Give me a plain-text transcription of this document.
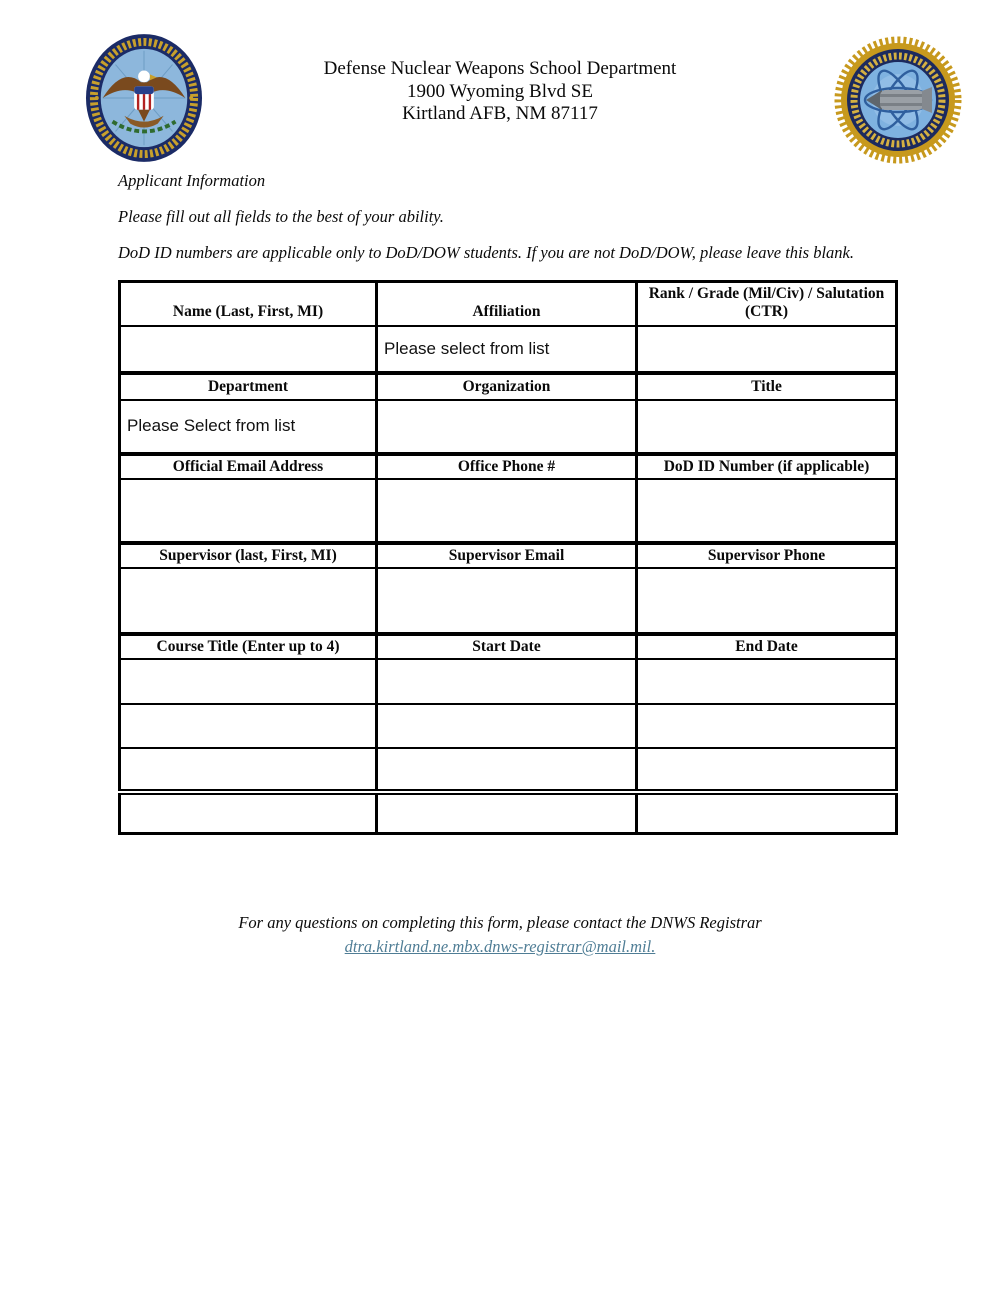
Defense Nuclear Weapons School Department
1900 Wyoming Blvd SE
Kirtland AFB, NM 87117

Applicant Information

Please fill out all fields to the best of your ability.

DoD ID numbers are applicable only to DoD/DOW students. If you are not DoD/DOW, please leave this blank.

Name (Last, First, MI)	Affiliation	Rank / Grade (Mil/Civ) / Salutation (CTR)
	Please select from list	
Department	Organization	Title
Please Select from list		
Official Email Address	Office Phone #	DoD ID Number (if applicable)

Supervisor (last, First, MI)	Supervisor Email	Supervisor Phone

Course Title (Enter up to 4)	Start Date	End Date

For any questions on completing this form, please contact the DNWS Registrar

dtra.kirtland.ne.mbx.dnws-registrar@mail.mil.
